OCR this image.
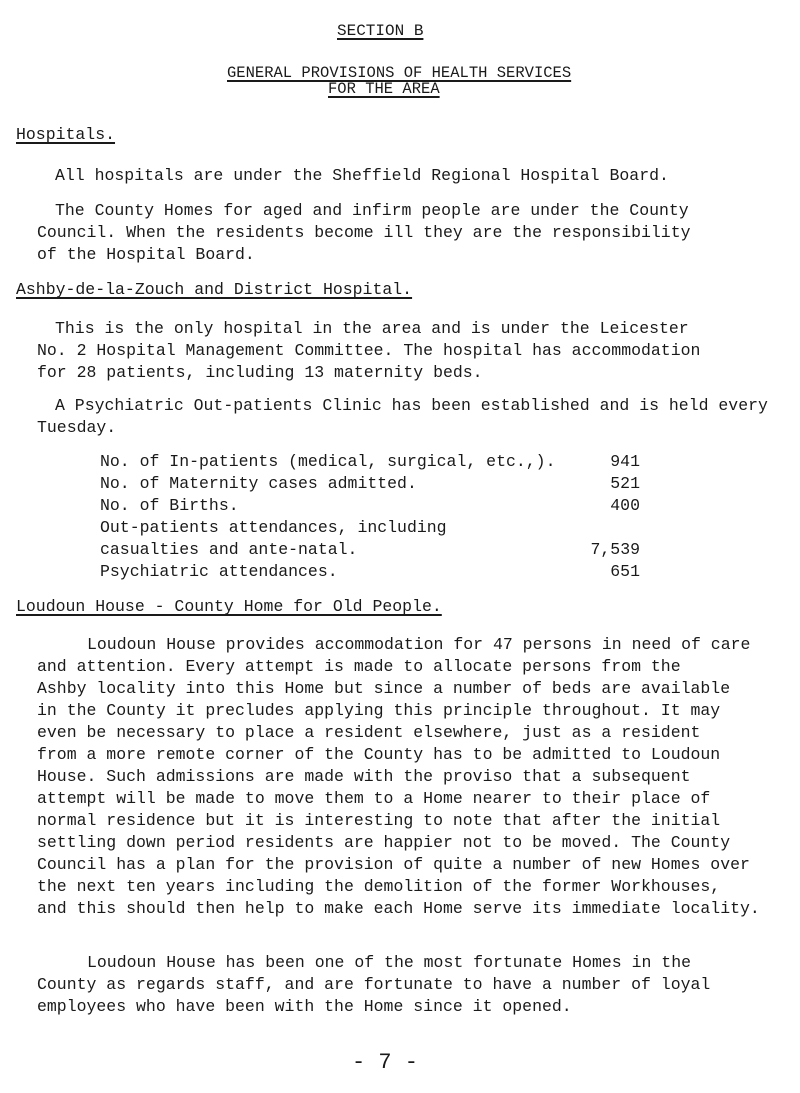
SECTION B
GENERAL PROVISIONS OF HEALTH SERVICES
FOR THE AREA
Hospitals.
All hospitals are under the Sheffield Regional Hospital Board.
The County Homes for aged and infirm people are under the County
Council. When the residents become ill they are the responsibility
of the Hospital Board.
Ashby-de-la-Zouch and District Hospital.
This is the only hospital in the area and is under the Leicester
No. 2 Hospital Management Committee. The hospital has accommodation
for 28 patients, including 13 maternity beds.
A Psychiatric Out-patients Clinic has been established and is held every
Tuesday.
No. of In-patients (medical, surgical, etc.,).	941
No. of Maternity cases admitted.	521
No. of Births.	400
Out-patients attendances, including
casualties and ante-natal.	7,539
Psychiatric attendances.	651
Loudoun House - County Home for Old People.
Loudoun House provides accommodation for 47 persons in need of care
and attention. Every attempt is made to allocate persons from the
Ashby locality into this Home but since a number of beds are available
in the County it precludes applying this principle throughout. It may
even be necessary to place a resident elsewhere, just as a resident
from a more remote corner of the County has to be admitted to Loudoun
House. Such admissions are made with the proviso that a subsequent
attempt will be made to move them to a Home nearer to their place of
normal residence but it is interesting to note that after the initial
settling down period residents are happier not to be moved. The County
Council has a plan for the provision of quite a number of new Homes over
the next ten years including the demolition of the former Workhouses,
and this should then help to make each Home serve its immediate locality.
Loudoun House has been one of the most fortunate Homes in the
County as regards staff, and are fortunate to have a number of loyal
employees who have been with the Home since it opened.
- 7 -
